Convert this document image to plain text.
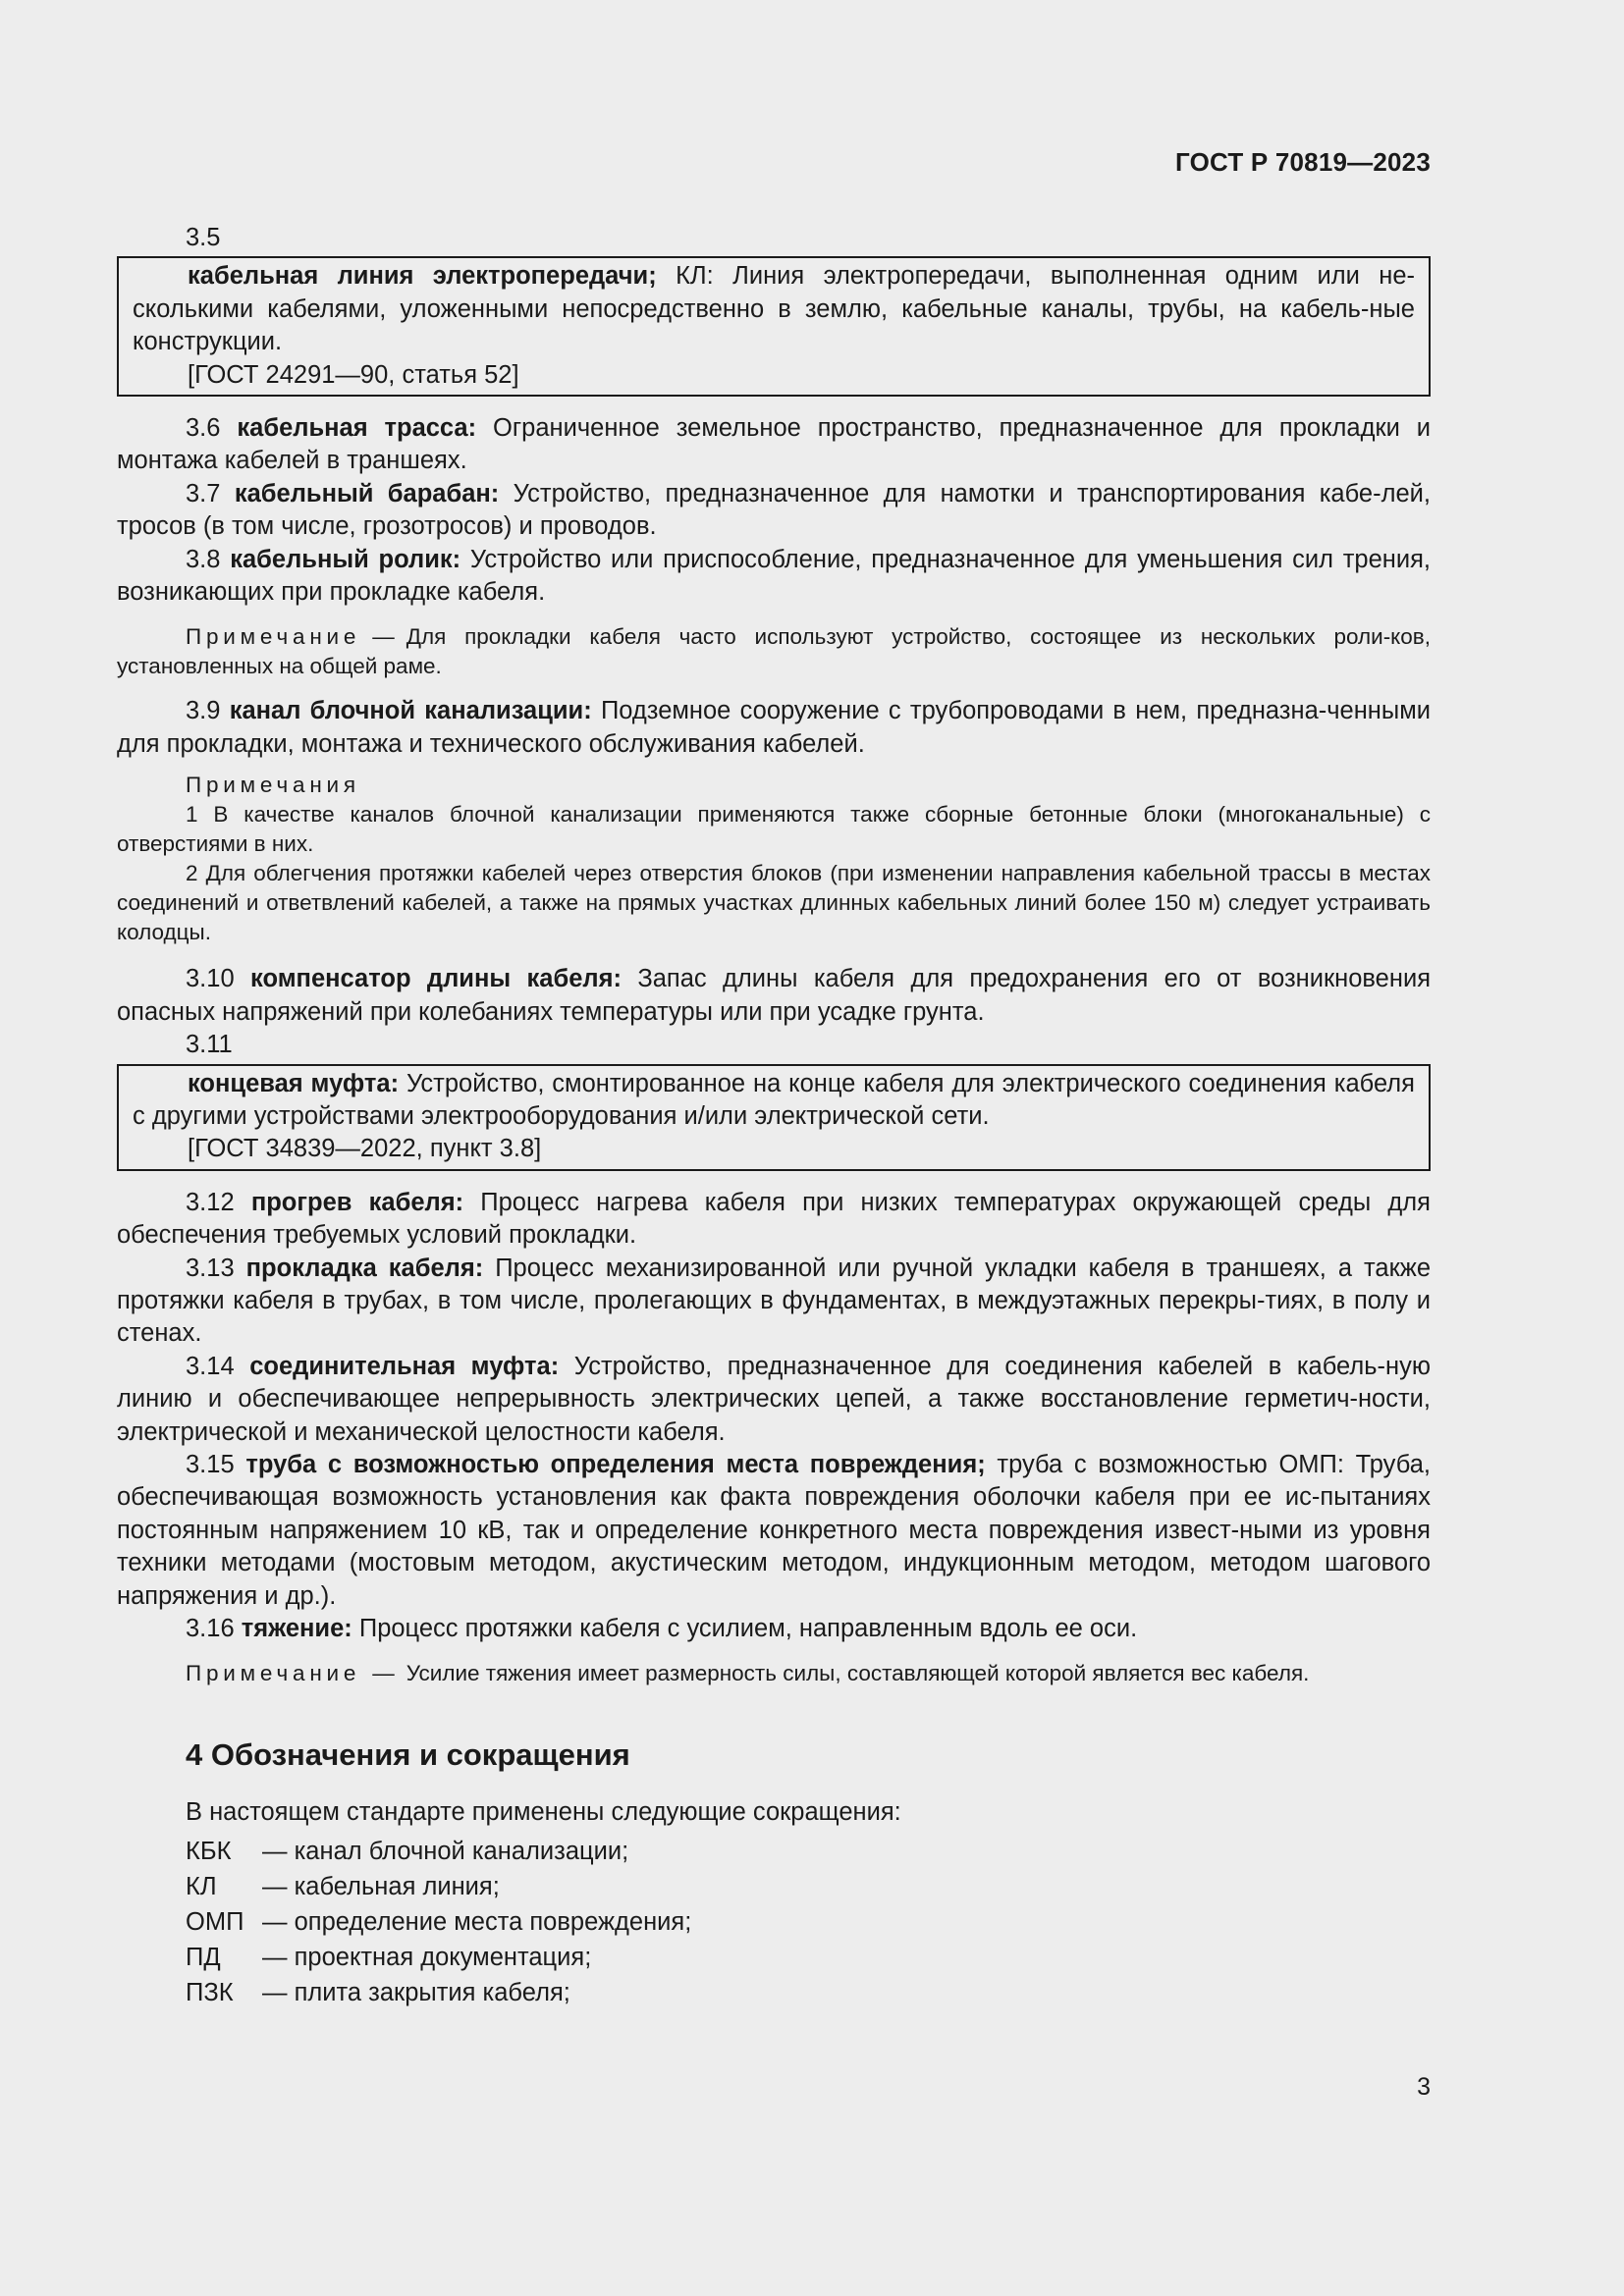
ГОСТ Р 70819—2023
3.5

кабельная линия электропередачи; КЛ: Линия электропередачи, выполненная одним или не-сколькими кабелями, уложенными непосредственно в землю, кабельные каналы, трубы, на кабель-ные конструкции.

[ГОСТ 24291—90, статья 52]

3.6 кабельная трасса: Ограниченное земельное пространство, предназначенное для прокладки и монтажа кабелей в траншеях.

3.7 кабельный барабан: Устройство, предназначенное для намотки и транспортирования кабе-лей, тросов (в том числе, грозотросов) и проводов.

3.8 кабельный ролик: Устройство или приспособление, предназначенное для уменьшения сил трения, возникающих при прокладке кабеля.

Примечание — Для прокладки кабеля часто используют устройство, состоящее из нескольких роли-ков, установленных на общей раме.

3.9 канал блочной канализации: Подземное сооружение с трубопроводами в нем, предназна-ченными для прокладки, монтажа и технического обслуживания кабелей.

Примечания

1 В качестве каналов блочной канализации применяются также сборные бетонные блоки (многоканальные) с отверстиями в них.

2 Для облегчения протяжки кабелей через отверстия блоков (при изменении направления кабельной трассы в местах соединений и ответвлений кабелей, а также на прямых участках длинных кабельных линий более 150 м) следует устраивать колодцы.

3.10 компенсатор длины кабеля: Запас длины кабеля для предохранения его от возникновения опасных напряжений при колебаниях температуры или при усадке грунта.

3.11

концевая муфта: Устройство, смонтированное на конце кабеля для электрического соединения кабеля с другими устройствами электрооборудования и/или электрической сети.

[ГОСТ 34839—2022, пункт 3.8]

3.12 прогрев кабеля: Процесс нагрева кабеля при низких температурах окружающей среды для обеспечения требуемых условий прокладки.

3.13 прокладка кабеля: Процесс механизированной или ручной укладки кабеля в траншеях, а также протяжки кабеля в трубах, в том числе, пролегающих в фундаментах, в междуэтажных перекры-тиях, в полу и стенах.

3.14 соединительная муфта: Устройство, предназначенное для соединения кабелей в кабель-ную линию и обеспечивающее непрерывность электрических цепей, а также восстановление герметич-ности, электрической и механической целостности кабеля.

3.15 труба с возможностью определения места повреждения; труба с возможностью ОМП: Труба, обеспечивающая возможность установления как факта повреждения оболочки кабеля при ее ис-пытаниях постоянным напряжением 10 кВ, так и определение конкретного места повреждения извест-ными из уровня техники методами (мостовым методом, акустическим методом, индукционным методом, методом шагового напряжения и др.).

3.16 тяжение: Процесс протяжки кабеля с усилием, направленным вдоль ее оси.

Примечание — Усилие тяжения имеет размерность силы, составляющей которой является вес кабеля.

4 Обозначения и сокращения
В настоящем стандарте применены следующие сокращения:
КБК	— канал блочной канализации;
КЛ	— кабельная линия;
ОМП — определение места повреждения;
ПД	— проектная документация;
ПЗК	— плита закрытия кабеля;
3
